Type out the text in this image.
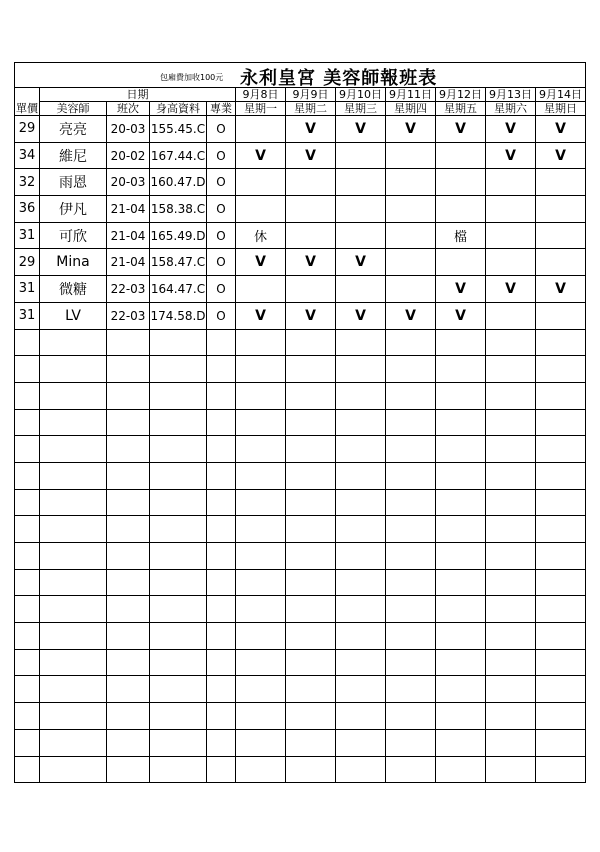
包廂費加收100元 永利皇宮 美容師報班表											

單價	日期				9月8日	9月9日	9月10日	9月11日	9月12日	9月13日	9月14日
	美容師	班次	身高資料	專業	星期一	星期二	星期三	星期四	星期五	星期六	星期日
29	亮亮	20-03	155.45.C	O		V	V	V	V	V	V
34	維尼	20-02	167.44.C	O	V	V				V	V
32	雨恩	20-03	160.47.D	O							
36	伊凡	21-04	158.38.C	O							
31	可欣	21-04	165.49.D	O	休				檔		
29	Mina	21-04	158.47.C	O	V	V	V				
31	微糖	22-03	164.47.C	O					V	V	V
31	LV	22-03	174.58.D	O	V	V	V	V	V		
